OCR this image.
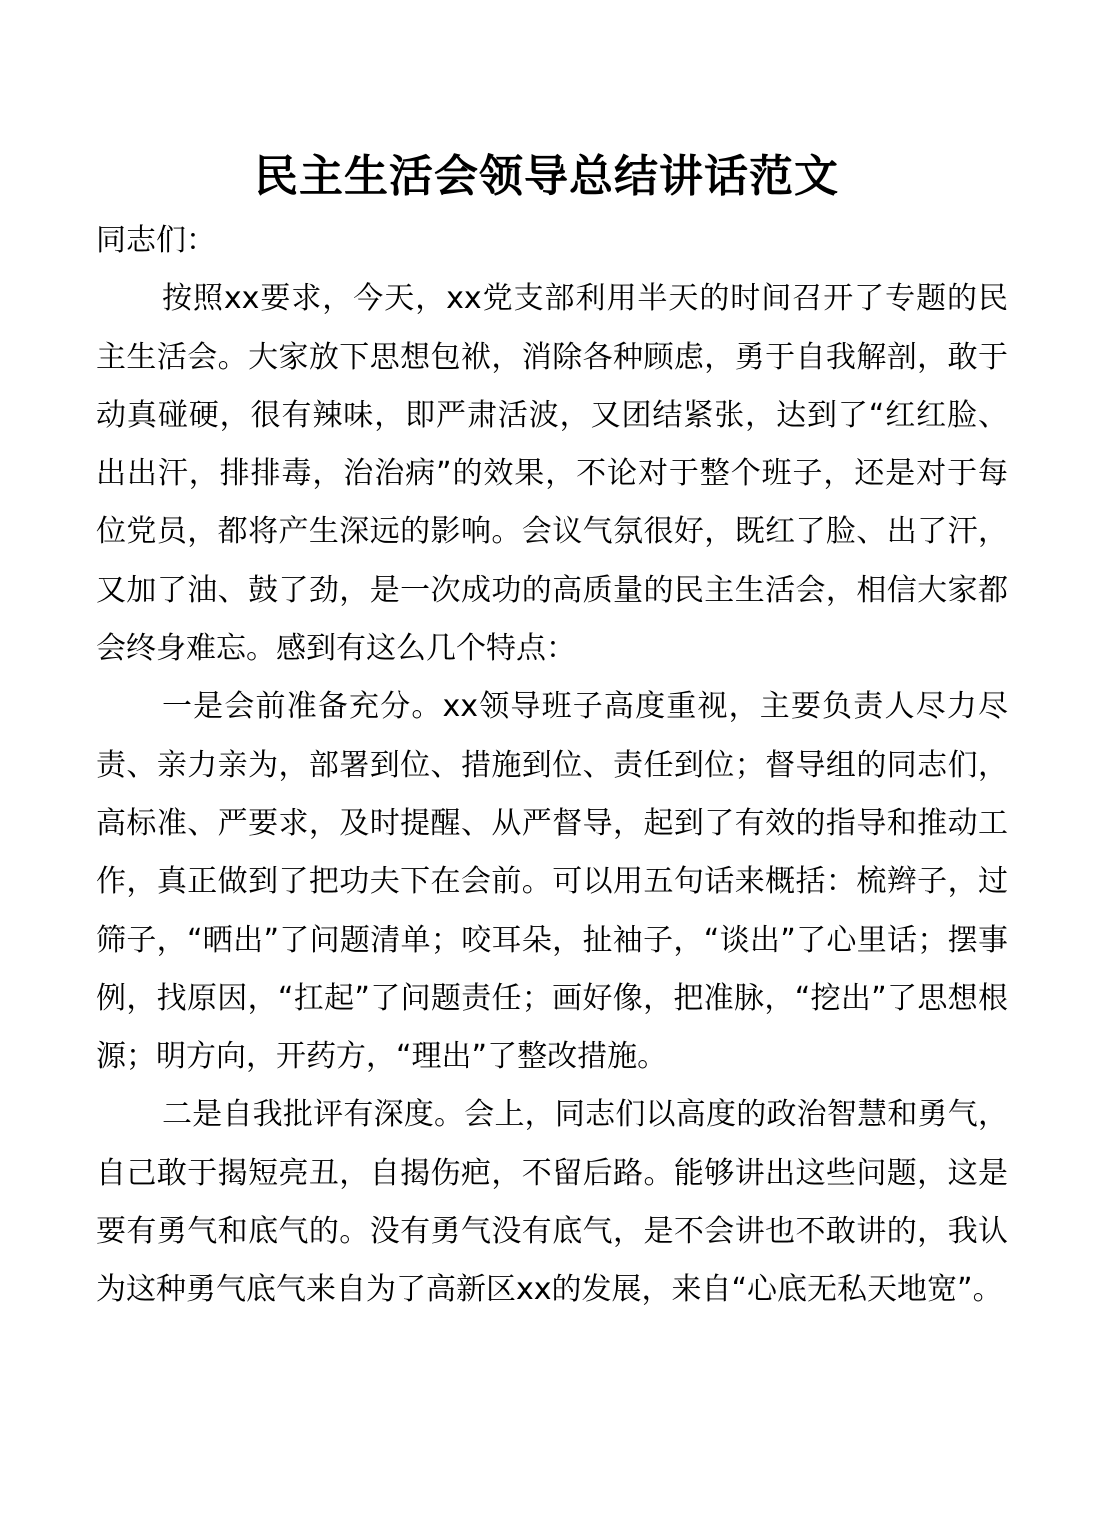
民主生活会领导总结讲话范文

同志们：

按照xx要求，今天，xx党支部利用半天的时间召开了专题的民主生活会。大家放下思想包袱，消除各种顾虑，勇于自我解剖，敢于动真碰硬，很有辣味，即严肃活波，又团结紧张，达到了“红红脸、出出汗，排排毒，治治病”的效果，不论对于整个班子，还是对于每位党员，都将产生深远的影响。会议气氛很好，既红了脸、出了汗，又加了油、鼓了劲，是一次成功的高质量的民主生活会，相信大家都会终身难忘。感到有这么几个特点：

一是会前准备充分。xx领导班子高度重视，主要负责人尽力尽责、亲力亲为，部署到位、措施到位、责任到位；督导组的同志们，高标准、严要求，及时提醒、从严督导，起到了有效的指导和推动工作，真正做到了把功夫下在会前。可以用五句话来概括：梳辫子，过筛子，“晒出”了问题清单；咬耳朵，扯袖子，“谈出”了心里话；摆事例，找原因，“扛起”了问题责任；画好像，把准脉，“挖出”了思想根源；明方向，开药方，“理出”了整改措施。

二是自我批评有深度。会上，同志们以高度的政治智慧和勇气，自己敢于揭短亮丑，自揭伤疤，不留后路。能够讲出这些问题，这是要有勇气和底气的。没有勇气没有底气，是不会讲也不敢讲的，我认为这种勇气底气来自为了高新区xx的发展，来自“心底无私天地宽”。
